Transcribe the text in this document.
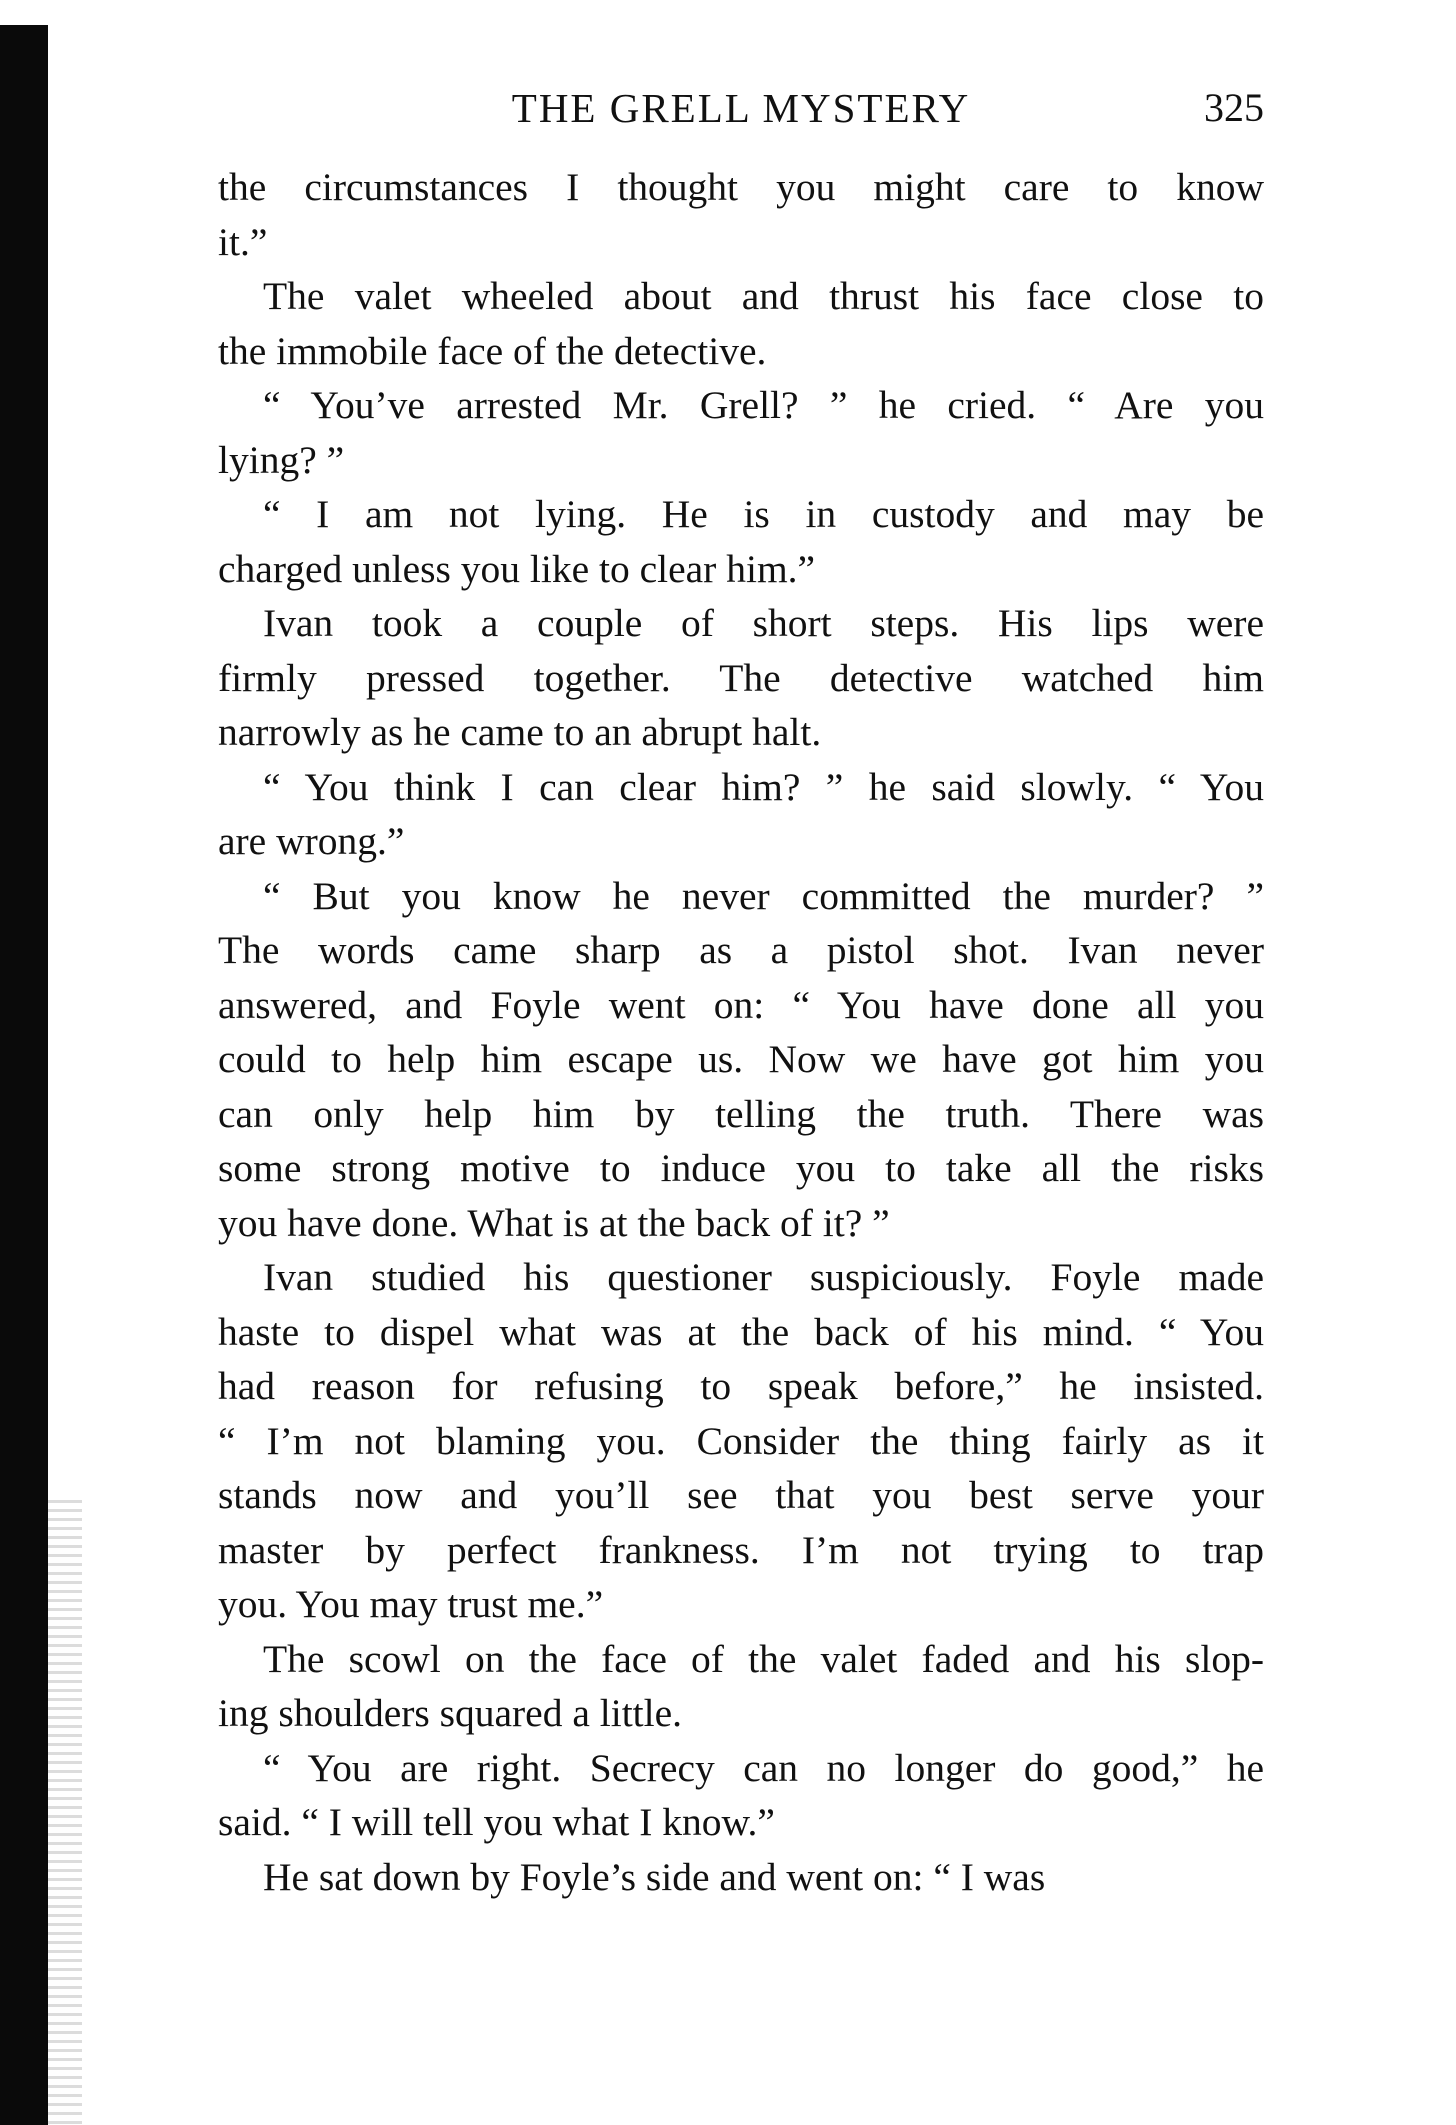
THE GRELL MYSTERY	325
the circumstances I thought you might care to know
it.”
The valet wheeled about and thrust his face close to
the immobile face of the detective.
“ You’ve arrested Mr. Grell? ” he cried. “ Are you
lying? ”
“ I am not lying. He is in custody and may be
charged unless you like to clear him.”
Ivan took a couple of short steps. His lips were
firmly pressed together. The detective watched him
narrowly as he came to an abrupt halt.
“ You think I can clear him? ” he said slowly. “ You
are wrong.”
“ But you know he never committed the murder? ”
The words came sharp as a pistol shot. Ivan never
answered, and Foyle went on: “ You have done all you
could to help him escape us. Now we have got him you
can only help him by telling the truth. There was
some strong motive to induce you to take all the risks
you have done. What is at the back of it? ”
Ivan studied his questioner suspiciously. Foyle made
haste to dispel what was at the back of his mind. “ You
had reason for refusing to speak before,” he insisted.
“ I’m not blaming you. Consider the thing fairly as it
stands now and you’ll see that you best serve your
master by perfect frankness. I’m not trying to trap
you. You may trust me.”
The scowl on the face of the valet faded and his slop-
ing shoulders squared a little.
“ You are right. Secrecy can no longer do good,” he
said. “ I will tell you what I know.”
He sat down by Foyle’s side and went on: “ I was
